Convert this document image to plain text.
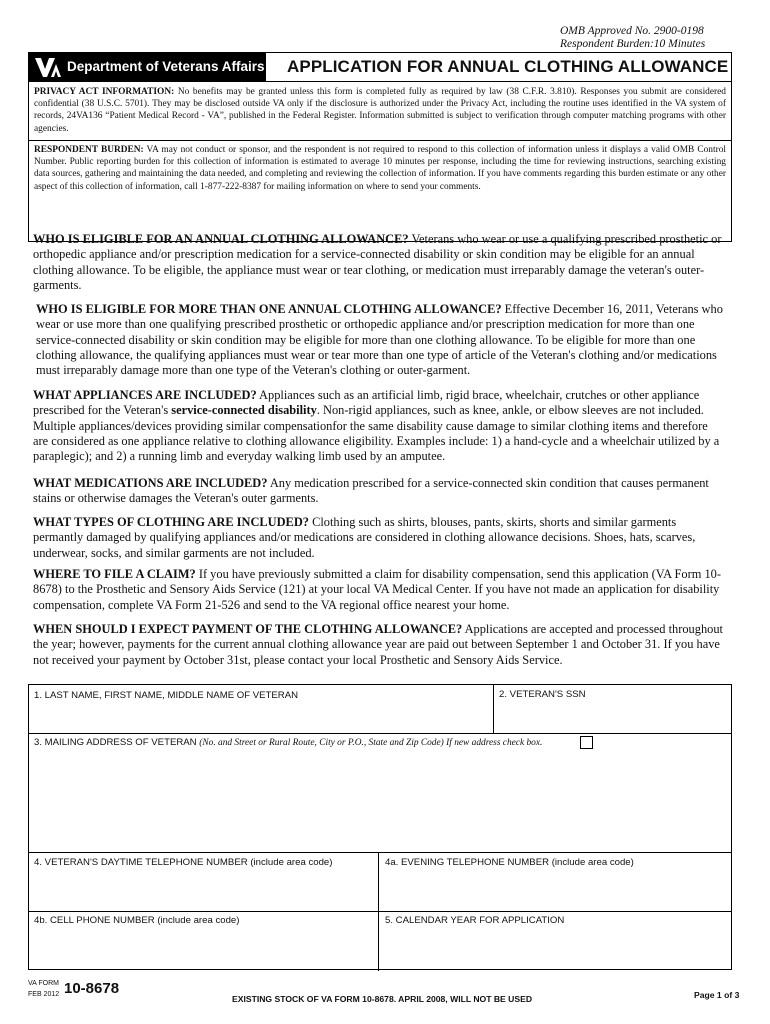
OMB Approved No. 2900-0198
Respondent Burden:10 Minutes
Department of Veterans Affairs APPLICATION FOR ANNUAL CLOTHING ALLOWANCE
PRIVACY ACT INFORMATION: No benefits may be granted unless this form is completed fully as required by law (38 C.F.R. 3.810). Responses you submit are considered confidential (38 U.S.C. 5701). They may be disclosed outside VA only if the disclosure is authorized under the Privacy Act, including the routine uses identified in the VA system of records, 24VA136 “Patient Medical Record - VA”, published in the Federal Register. Information submitted is subject to verification through computer matching programs with other agencies.
RESPONDENT BURDEN: VA may not conduct or sponsor, and the respondent is not required to respond to this collection of information unless it displays a valid OMB Control Number. Public reporting burden for this collection of information is estimated to average 10 minutes per response, including the time for reviewing instructions, searching existing data sources, gathering and maintaining the data needed, and completing and reviewing the collection of information. If you have comments regarding this burden estimate or any other aspect of this collection of information, call 1-877-222-8387 for mailing information on where to send your comments.
WHO IS ELIGIBLE FOR AN ANNUAL CLOTHING ALLOWANCE? Veterans who wear or use a qualifying prescribed prosthetic or orthopedic appliance and/or prescription medication for a service-connected disability or skin condition may be eligible for an annual clothing allowance. To be eligible, the appliance must wear or tear clothing, or medication must irreparably damage the veteran's outer-garments.
WHO IS ELIGIBLE FOR MORE THAN ONE ANNUAL CLOTHING ALLOWANCE? Effective December 16, 2011, Veterans who wear or use more than one qualifying prescribed prosthetic or orthopedic appliance and/or prescription medication for more than one service-connected disability or skin condition may be eligible for more than one clothing allowance. To be eligible for more than one clothing allowance, the qualifying appliances must wear or tear more than one type of article of the Veteran's clothing and/or medications must irreparably damage more than one type of the Veteran's clothing or outer-garment.
WHAT APPLIANCES ARE INCLUDED? Appliances such as an artificial limb, rigid brace, wheelchair, crutches or other appliance prescribed for the Veteran's service-connected disability. Non-rigid appliances, such as knee, ankle, or elbow sleeves are not included. Multiple appliances/devices providing similar compensationfor the same disability cause damage to similar clothing items and therefore are considered as one appliance relative to clothing allowance eligibility. Examples include: 1) a hand-cycle and a wheelchair utilized by a paraplegic); and 2) a running limb and everyday walking limb used by an amputee.
WHAT MEDICATIONS ARE INCLUDED? Any medication prescribed for a service-connected skin condition that causes permanent stains or otherwise damages the Veteran's outer garments.
WHAT TYPES OF CLOTHING ARE INCLUDED? Clothing such as shirts, blouses, pants, skirts, shorts and similar garments permantly damaged by qualifying appliances and/or medications are considered in clothing allowance decisions. Shoes, hats, scarves, underwear, socks, and similar garments are not included.
WHERE TO FILE A CLAIM? If you have previously submitted a claim for disability compensation, send this application (VA Form 10-8678) to the Prosthetic and Sensory Aids Service (121) at your local VA Medical Center. If you have not made an application for disability compensation, complete VA Form 21-526 and send to the VA regional office nearest your home.
WHEN SHOULD I EXPECT PAYMENT OF THE CLOTHING ALLOWANCE? Applications are accepted and processed throughout the year; however, payments for the current annual clothing allowance year are paid out between September 1 and October 31. If you have not received your payment by October 31st, please contact your local Prosthetic and Sensory Aids Service.
1. LAST NAME, FIRST NAME, MIDDLE NAME OF VETERAN	2. VETERAN'S SSN
3. MAILING ADDRESS OF VETERAN (No. and Street or Rural Route, City or P.O., State and Zip Code) If new address check box.
4. VETERAN'S DAYTIME TELEPHONE NUMBER (include area code)	4a. EVENING TELEPHONE NUMBER (include area code)
4b. CELL PHONE NUMBER (include area code)	5. CALENDAR YEAR FOR APPLICATION
VA FORM
FEB 2012 10-8678
EXISTING STOCK OF VA FORM 10-8678. APRIL 2008, WILL NOT BE USED	Page 1 of 3
